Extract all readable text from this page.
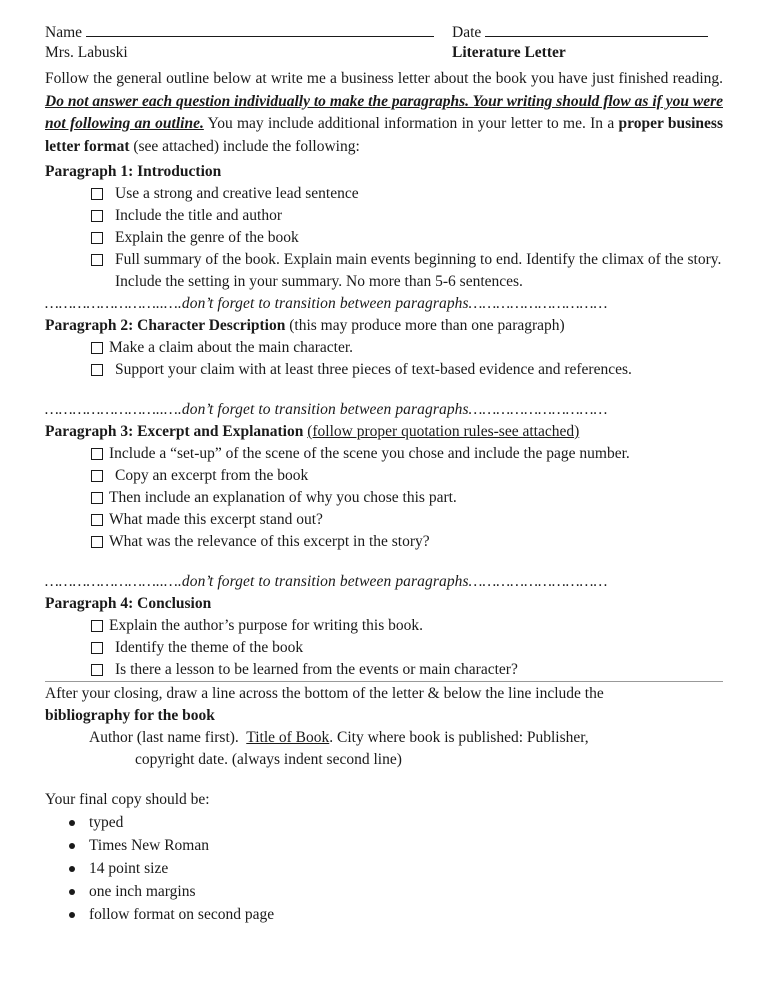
Name	Date
Mrs. Labuski	Literature Letter
Follow the general outline below at write me a business letter about the book you have just finished reading. Do not answer each question individually to make the paragraphs. Your writing should flow as if you were not following an outline. You may include additional information in your letter to me. In a proper business letter format (see attached) include the following:
Paragraph 1: Introduction
Use a strong and creative lead sentence
Include the title and author
Explain the genre of the book
Full summary of the book. Explain main events beginning to end. Identify the climax of the story. Include the setting in your summary. No more than 5-6 sentences.
……………………..….don’t forget to transition between paragraphs…………………………
Paragraph 2: Character Description (this may produce more than one paragraph)
Make a claim about the main character.
Support your claim with at least three pieces of text-based evidence and references.
……………………..….don’t forget to transition between paragraphs…………………………
Paragraph 3: Excerpt and Explanation (follow proper quotation rules-see attached)
Include a “set-up” of the scene of the scene you chose and include the page number.
Copy an excerpt from the book
Then include an explanation of why you chose this part.
What made this excerpt stand out?
What was the relevance of this excerpt in the story?
……………………..….don’t forget to transition between paragraphs…………………………
Paragraph 4: Conclusion
Explain the author’s purpose for writing this book.
Identify the theme of the book
Is there a lesson to be learned from the events or main character?
After your closing, draw a line across the bottom of the letter & below the line include the
bibliography for the book
Author (last name first). Title of Book. City where book is published: Publisher,
copyright date. (always indent second line)
Your final copy should be:
typed
Times New Roman
14 point size
one inch margins
follow format on second page
